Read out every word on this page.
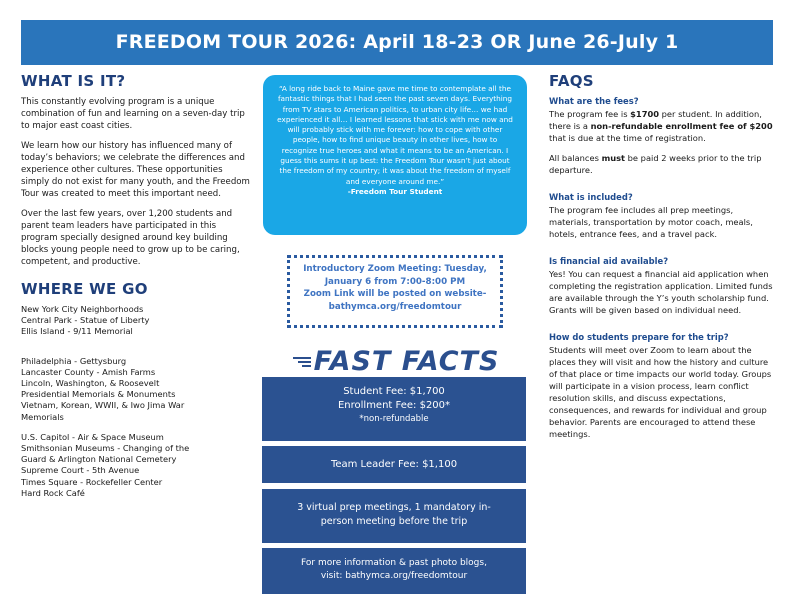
FREEDOM TOUR 2026: April 18-23 OR June 26-July 1
WHAT IS IT?

This constantly evolving program is a unique combination of fun and learning on a seven-day trip to major east coast cities.

We learn how our history has influenced many of today’s behaviors; we celebrate the differences and experience other cultures. These opportunities simply do not exist for many youth, and the Freedom Tour was created to meet this important need.

Over the last few years, over 1,200 students and parent team leaders have participated in this program specially designed around key building blocks young people need to grow up to be caring, competent, and productive.

WHERE WE GO
New York City Neighborhoods
Central Park - Statue of Liberty
Ellis Island - 9/11 Memorial
Philadelphia - Gettysburg
Lancaster County - Amish Farms
Lincoln, Washington, & Roosevelt
Presidential Memorials & Monuments
Vietnam, Korean, WWII, & Iwo Jima War
Memorials
U.S. Capitol - Air & Space Museum
Smithsonian Museums - Changing of the
Guard & Arlington National Cemetery
Supreme Court - 5th Avenue
Times Square - Rockefeller Center
Hard Rock Café
“A long ride back to Maine gave me time to contemplate all the fantastic things that I had seen the past seven days. Everything from TV stars to American politics, to urban city life… we had experienced it all… I learned lessons that stick with me now and will probably stick with me forever: how to cope with other people, how to find unique beauty in other lives, how to recognize true heroes and what it means to be an American. I guess this sums it up best: the Freedom Tour wasn’t just about the freedom of my country; it was about the freedom of myself and everyone around me.”
-Freedom Tour Student
Introductory Zoom Meeting: Tuesday,
January 6 from 7:00-8:00 PM
Zoom Link will be posted on website-
bathymca.org/freedomtour
FAST FACTS
Student Fee: $1,700
Enrollment Fee: $200*
*non-refundable
Team Leader Fee: $1,100
3 virtual prep meetings, 1 mandatory in-
person meeting before the trip
For more information & past photo blogs,
visit: bathymca.org/freedomtour
FAQS
What are the fees?

The program fee is $1700 per student. In addition, there is a non-refundable enrollment fee of $200 that is due at the time of registration.

All balances must be paid 2 weeks prior to the trip departure.

What is included?

The program fee includes all prep meetings, materials, transportation by motor coach, meals, hotels, entrance fees, and a travel pack.

Is financial aid available?

Yes! You can request a financial aid application when completing the registration application. Limited funds are available through the Y’s youth scholarship fund. Grants will be given based on individual need.

How do students prepare for the trip?

Students will meet over Zoom to learn about the places they will visit and how the history and culture of that place or time impacts our world today. Groups will participate in a vision process, learn conflict resolution skills, and discuss expectations, consequences, and rewards for individual and group behavior. Parents are encouraged to attend these meetings.
